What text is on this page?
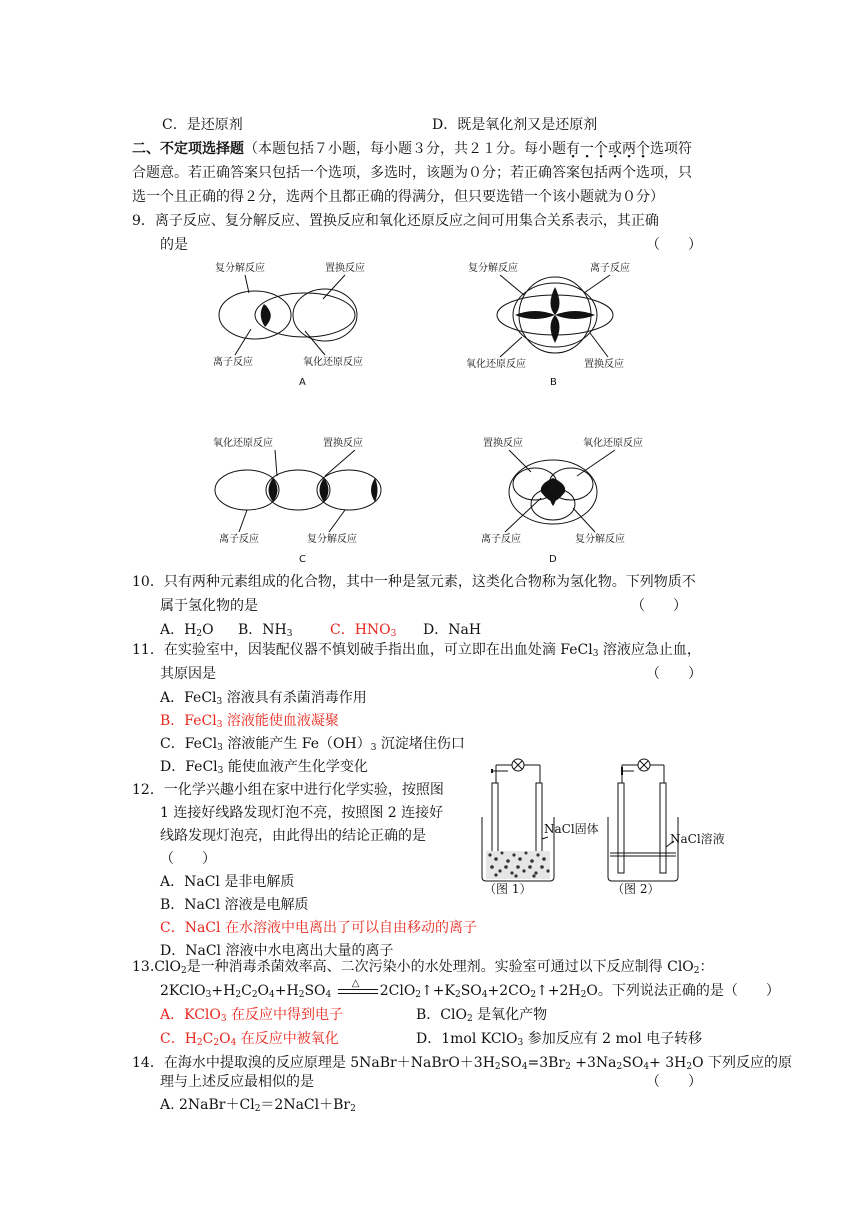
C．是还原剂	D．既是氧化剂又是还原剂
二、不定项选择题（本题包括７小题，每小题３分，共２１分。每小题有一个或两个选项符
合题意。若正确答案只包括一个选项，多选时，该题为０分；若正确答案包括两个选项，只
选一个且正确的得２分，选两个且都正确的得满分，但只要选错一个该小题就为０分）
9．离子反应、复分解反应、置换反应和氧化还原反应之间可用集合关系表示，其正确
的是	（　　）
复分解反应	置换反应
离子反应	氧化还原反应
A
复分解反应	离子反应
氧化还原反应	置换反应
B
氧化还原反应	置换反应
离子反应	复分解反应
C
置换反应	氧化还原反应
离子反应	复分解反应
D
10．只有两种元素组成的化合物，其中一种是氢元素，这类化合物称为氢化物。下列物质不
属于氢化物的是	（　　）
A．$H_2O$ B．$NH_3$	C．$HNO_3$ D．NaH
11．在实验室中，因装配仪器不慎划破手指出血，可立即在出血处滴 FeCl$_3$ 溶液应急止血，
其原因是	（　　）
A．FeCl$_3$ 溶液具有杀菌消毒作用
B．FeCl$_3$ 溶液能使血液凝聚
C．FeCl$_3$ 溶液能产生 $Fe(OH)_3$ 沉淀堵住伤口
D．FeCl$_3$ 能使血液产生化学变化
12．一化学兴趣小组在家中进行化学实验，按照图
1 连接好线路发现灯泡不亮，按照图 2 连接好
线路发现灯泡亮，由此得出的结论正确的是
（　　）
A．NaCl 是非电解质
B．NaCl 溶液是电解质
C．NaCl 在水溶液中电离出了可以自由移动的离子
D．NaCl 溶液中水电离出大量的离子
NaCl固体
（图 1）
NaCl溶液
（图 2）
13.ClO$_2$是一种消毒杀菌效率高、二次污染小的水处理剂。实验室可通过以下反应制得 ClO$_2$：
$2KClO_3+H_2C_2O_4+H_2SO_4$
△ $2ClO_2↑+K_2SO_4+2CO_2↑+2H_2O$。下列说法正确的是（　　）
A．KClO$_3$ 在反应中得到电子	B．ClO$_2$ 是氧化产物
C．$H_2C_2O_4$ 在反应中被氧化	D．1mol KClO$_3$ 参加反应有 2 mol 电子转移
14．在海水中提取溴的反应原理是 $5NaBr+NaBrO+3H_2SO_4=3Br_2 +3Na_2SO_4+ 3H_2O$ 下列反应的原
理与上述反应最相似的是	（　　）
A. $2NaBr+Cl_2=2NaCl+Br_2$
